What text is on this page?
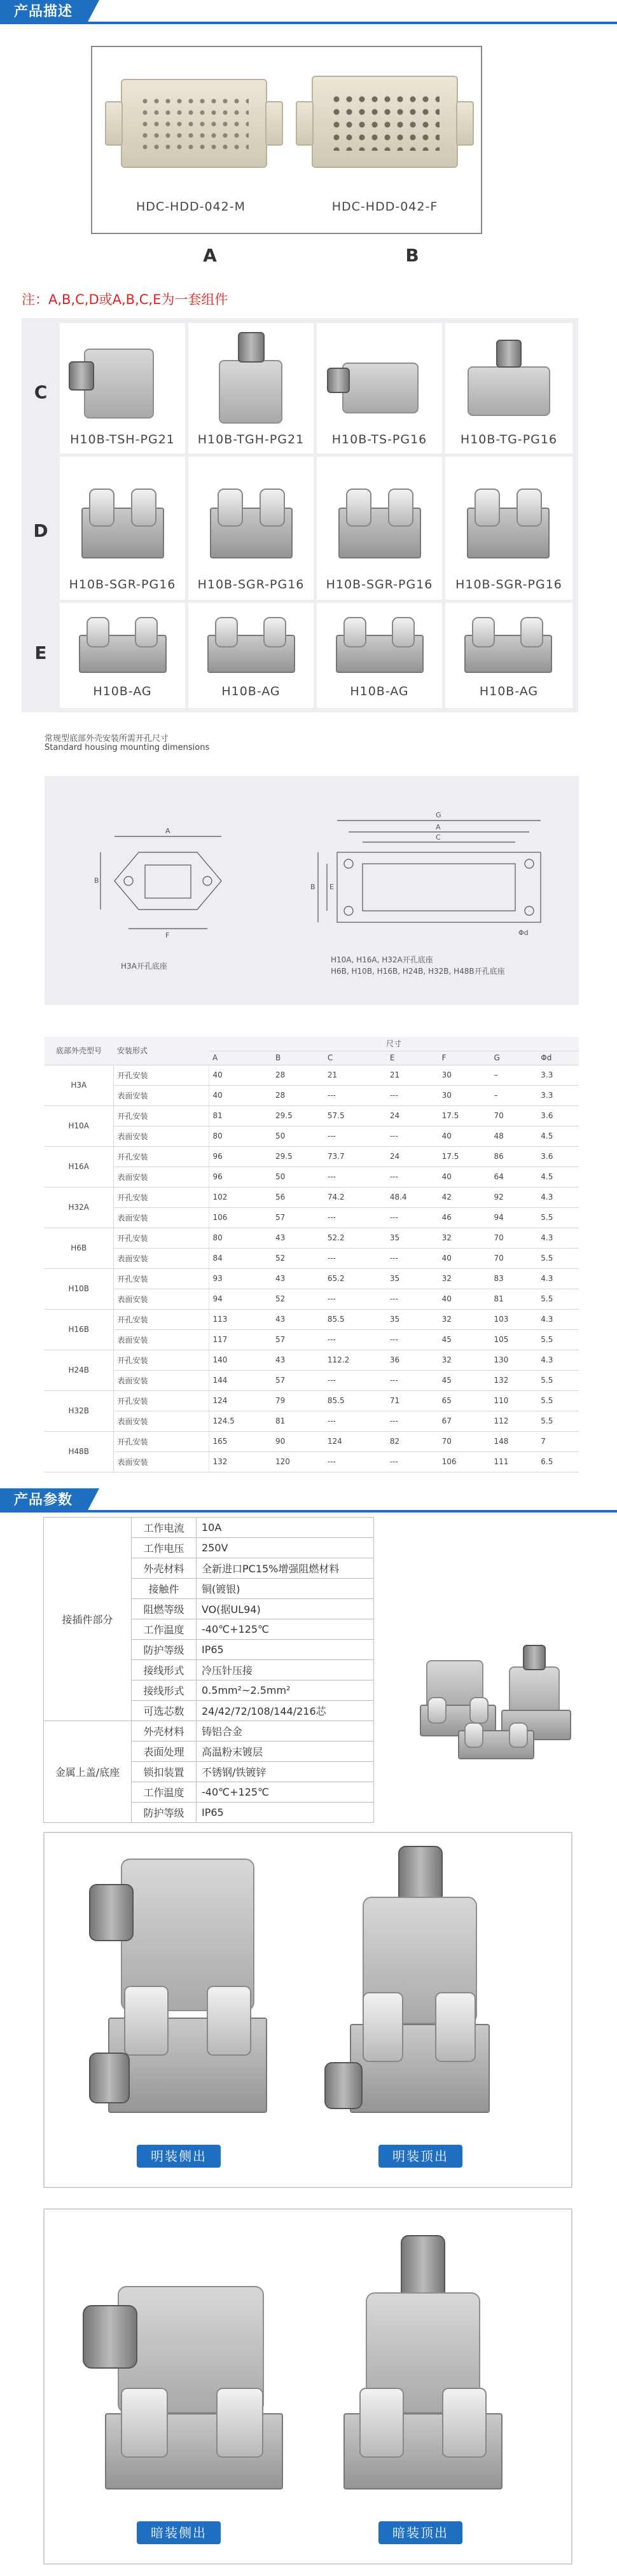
产品描述
HDC-HDD-042-M	HDC-HDD-042-F
A	B
注：A,B,C,D或A,B,C,E为一套组件
C
H10B-TSH-PG21	H10B-TGH-PG21	H10B-TS-PG16	H10B-TG-PG16
D
H10B-SGR-PG16	H10B-SGR-PG16	H10B-SGR-PG16	H10B-SGR-PG16
E
H10B-AG	H10B-AG	H10B-AG	H10B-AG
常规型底部外壳安装所需开孔尺寸
Standard housing mounting dimensions
A
B
F
G
A
C
B E
Φd
H3A开孔底座
H10A, H16A, H32A开孔底座
H6B, H10B, H16B, H24B, H32B, H48B开孔底座
底部外壳型号	安装形式	尺寸						
		A	B	C	E	F	G	Φd
H3A	开孔安装	40	28	21	21	30	–	3.3
	表面安装	40	28	---	---	30	–	3.3
H10A	开孔安装	81	29.5	57.5	24	17.5	70	3.6
	表面安装	80	50	---	---	40	48	4.5
H16A	开孔安装	96	29.5	73.7	24	17.5	86	3.6
	表面安装	96	50	---	---	40	64	4.5
H32A	开孔安装	102	56	74.2	48.4	42	92	4.3
	表面安装	106	57	---	---	46	94	5.5
H6B	开孔安装	80	43	52.2	35	32	70	4.3
	表面安装	84	52	---	---	40	70	5.5
H10B	开孔安装	93	43	65.2	35	32	83	4.3
	表面安装	94	52	---	---	40	81	5.5
H16B	开孔安装	113	43	85.5	35	32	103	4.3
	表面安装	117	57	---	---	45	105	5.5
H24B	开孔安装	140	43	112.2	36	32	130	4.3
	表面安装	144	57	---	---	45	132	5.5
H32B	开孔安装	124	79	85.5	71	65	110	5.5
	表面安装	124.5	81	---	---	67	112	5.5
H48B	开孔安装	165	90	124	82	70	148	7
	表面安装	132	120	---	---	106	111	6.5
产品参数
接插件部分	工作电流	10A
	工作电压	250V
	外壳材料	全新进口PC15%增强阻燃材料
	接触件	铜(镀银)
	阻燃等级	VO(据UL94)
	工作温度	-40℃+125℃
	防护等级	IP65
	接线形式	冷压针压接
	接线形式	0.5mm²~2.5mm²
	可选芯数	24/42/72/108/144/216芯
金属上盖/底座	外壳材料	铸铝合金
	表面处理	高温粉末镀层
	锁扣装置	不锈钢/铁镀锌
	工作温度	-40℃+125℃
	防护等级	IP65
明装侧出	明装顶出
暗装侧出	暗装顶出
